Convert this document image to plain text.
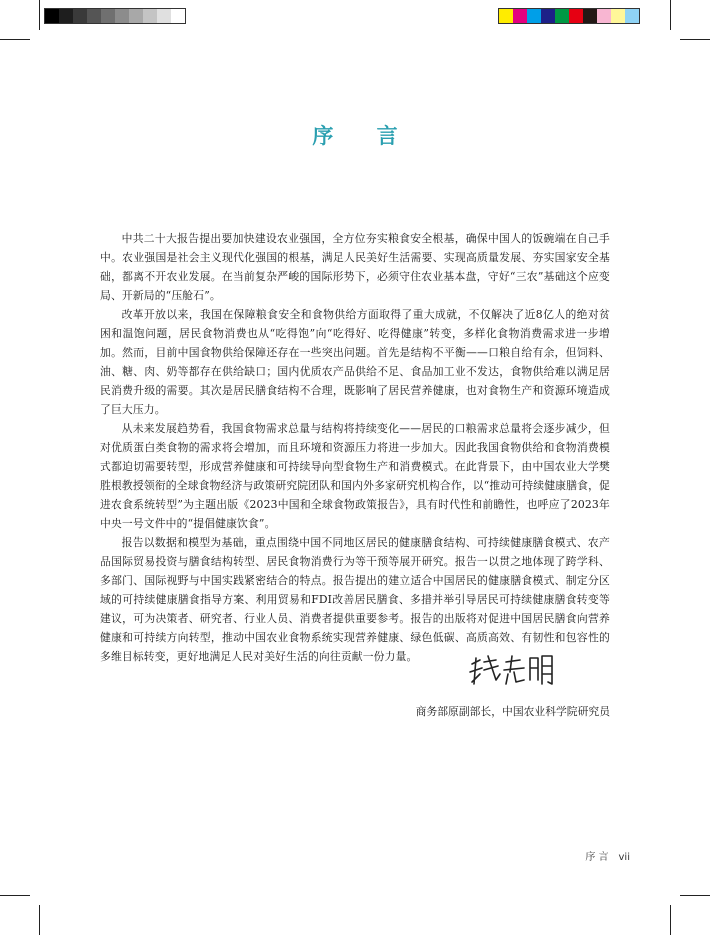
序 言

中共二十大报告提出要加快建设农业强国，全方位夯实粮食安全根基，确保中国人的饭碗端在自己手中。农业强国是社会主义现代化强国的根基，满足人民美好生活需要、实现高质量发展、夯实国家安全基础，都离不开农业发展。在当前复杂严峻的国际形势下，必须守住农业基本盘，守好“三农”基础这个应变局、开新局的“压舱石”。

改革开放以来，我国在保障粮食安全和食物供给方面取得了重大成就，不仅解决了近8亿人的绝对贫困和温饱问题，居民食物消费也从“吃得饱”向“吃得好、吃得健康”转变，多样化食物消费需求进一步增加。然而，目前中国食物供给保障还存在一些突出问题。首先是结构不平衡——口粮自给有余，但饲料、油、糖、肉、奶等都存在供给缺口；国内优质农产品供给不足、食品加工业不发达，食物供给难以满足居民消费升级的需要。其次是居民膳食结构不合理，既影响了居民营养健康，也对食物生产和资源环境造成了巨大压力。

从未来发展趋势看，我国食物需求总量与结构将持续变化——居民的口粮需求总量将会逐步减少，但对优质蛋白类食物的需求将会增加，而且环境和资源压力将进一步加大。因此我国食物供给和食物消费模式都迫切需要转型，形成营养健康和可持续导向型食物生产和消费模式。在此背景下，由中国农业大学樊胜根教授领衔的全球食物经济与政策研究院团队和国内外多家研究机构合作，以“推动可持续健康膳食，促进农食系统转型”为主题出版《2023中国和全球食物政策报告》，具有时代性和前瞻性，也呼应了2023年中央一号文件中的“提倡健康饮食”。

报告以数据和模型为基础，重点围绕中国不同地区居民的健康膳食结构、可持续健康膳食模式、农产品国际贸易投资与膳食结构转型、居民食物消费行为等干预等展开研究。报告一以贯之地体现了跨学科、多部门、国际视野与中国实践紧密结合的特点。报告提出的建立适合中国居民的健康膳食模式、制定分区域的可持续健康膳食指导方案、利用贸易和FDI改善居民膳食、多措并举引导居民可持续健康膳食转变等建议，可为决策者、研究者、行业人员、消费者提供重要参考。报告的出版将对促进中国居民膳食向营养健康和可持续方向转型，推动中国农业食物系统实现营养健康、绿色低碳、高质高效、有韧性和包容性的多维目标转变，更好地满足人民对美好生活的向往贡献一份力量。

商务部原副部长，中国农业科学院研究员
序 言 vii
